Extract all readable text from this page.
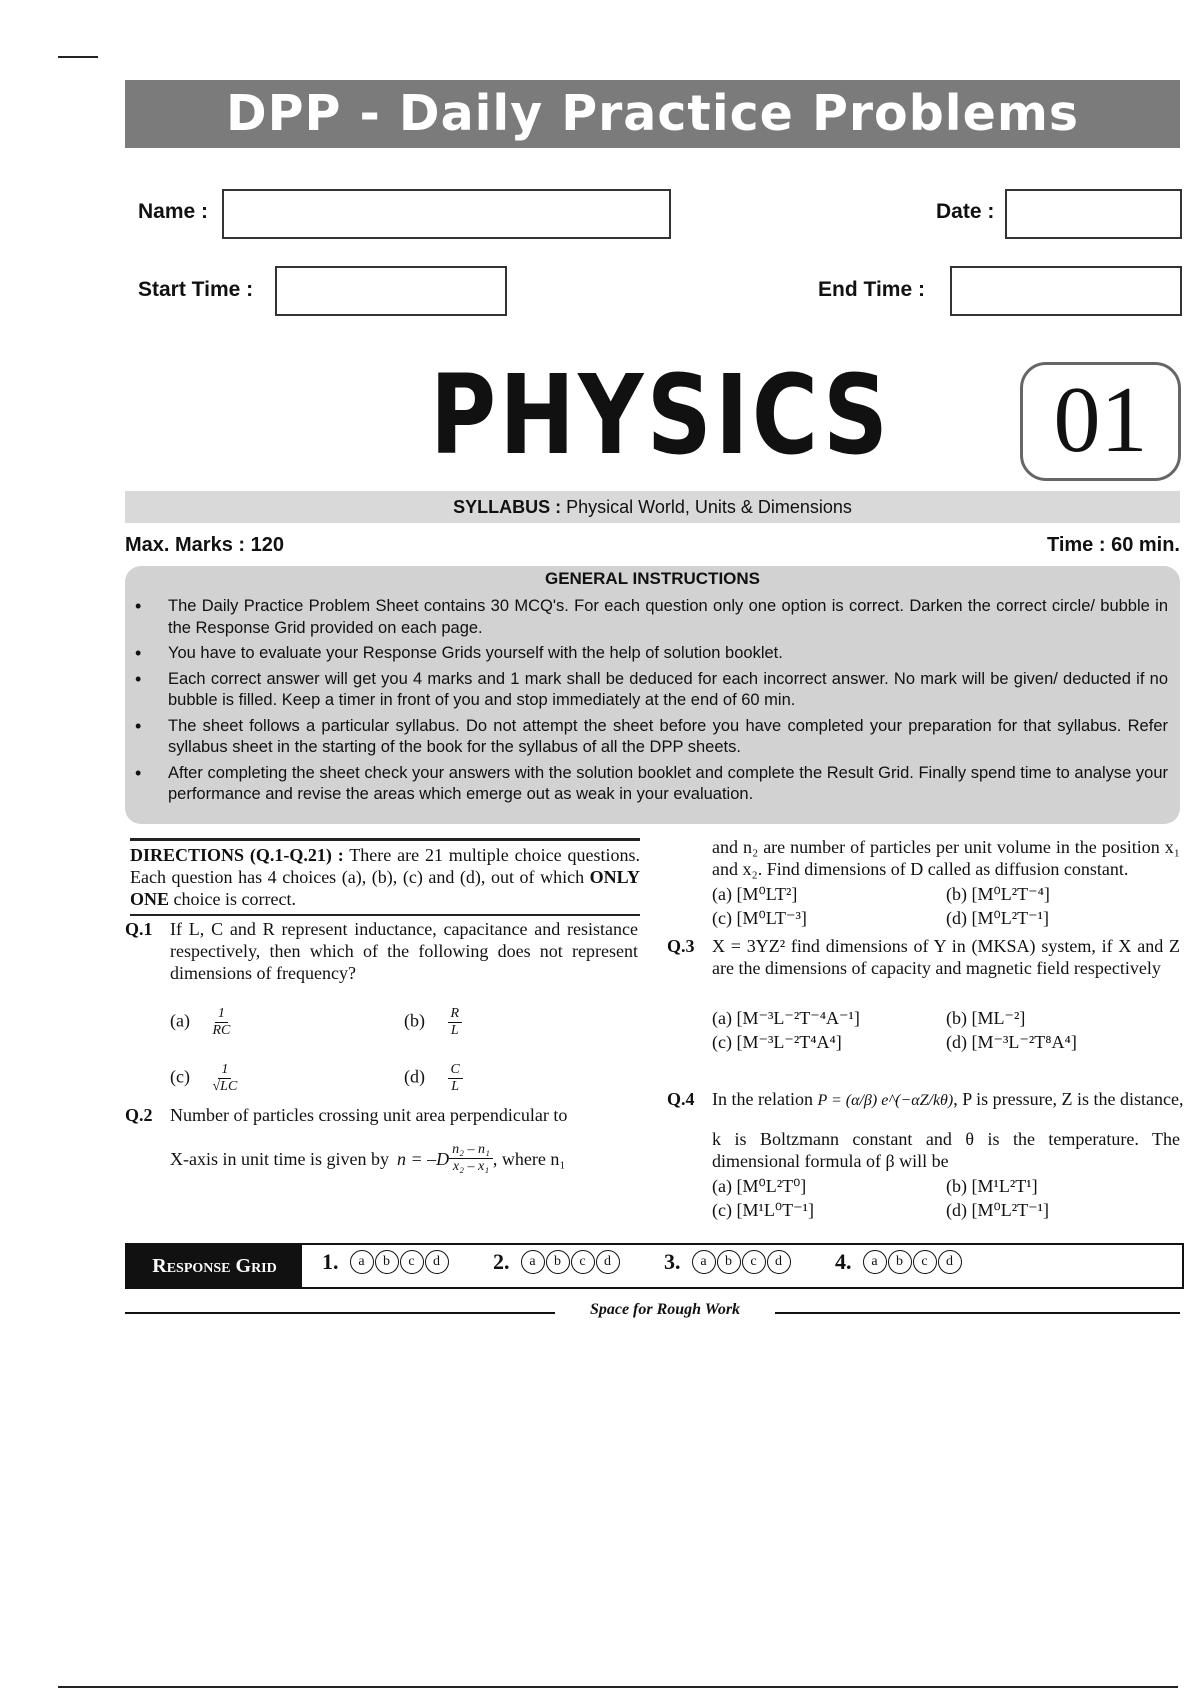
DPP - Daily Practice Problems
Name :	Date :
Start Time :	End Time :
PHYSICS	01
SYLLABUS : Physical World, Units & Dimensions
Max. Marks : 120	Time : 60 min.
GENERAL INSTRUCTIONS
• The Daily Practice Problem Sheet contains 30 MCQ's. For each question only one option is correct. Darken the correct circle/ bubble in the Response Grid provided on each page.
• You have to evaluate your Response Grids yourself with the help of solution booklet.
• Each correct answer will get you 4 marks and 1 mark shall be deduced for each incorrect answer. No mark will be given/ deducted if no bubble is filled. Keep a timer in front of you and stop immediately at the end of 60 min.
• The sheet follows a particular syllabus. Do not attempt the sheet before you have completed your preparation for that syllabus. Refer syllabus sheet in the starting of the book for the syllabus of all the DPP sheets.
• After completing the sheet check your answers with the solution booklet and complete the Result Grid. Finally spend time to analyse your performance and revise the areas which emerge out as weak in your evaluation.
DIRECTIONS (Q.1-Q.21) : There are 21 multiple choice questions. Each question has 4 choices (a), (b), (c) and (d), out of which ONLY ONE choice is correct.
Q.1 If L, C and R represent inductance, capacitance and resistance respectively, then which of the following does not represent dimensions of frequency?
$(a) \frac{1}{RC}$	$(b) \frac{R}{L}$
$(c) \frac{1}{√LC}$	$(d) \frac{C}{L}$
Q.2 Number of particles crossing unit area perpendicular to
X-axis in unit time is given by $n = -D \frac{\text{n₂ – n₁}}{\text{x₂ – x₁}}$ , where n₁
and n₂ are number of particles per unit volume in the position x₁ and x₂. Find dimensions of D called as diffusion constant.
(a) [M⁰LT²]	(b) [M⁰L²T⁻⁴]
(c) [M⁰LT⁻³]	(d) [M⁰L²T⁻¹]
Q.3 X = 3YZ² find dimensions of Y in (MKSA) system, if X and Z are the dimensions of capacity and magnetic field respectively
(a) [M⁻³L⁻²T⁻⁴A⁻¹]	(b) [ML⁻²]
(c) [M⁻³L⁻²T⁴A⁴]	(d) [M⁻³L⁻²T⁸A⁴]
Q.4 In the relation P = (α/β) e^(−αZ/kθ), P is pressure, Z is the distance,
k is Boltzmann constant and θ is the temperature. The dimensional formula of β will be
(a) [M⁰L²T⁰]	(b) [M¹L²T¹]
(c) [M¹L⁰T⁻¹]	(d) [M⁰L²T⁻¹]
Response Grid	1.	a	b	c	d	2.	a	b	c	d	3.	a	b	c	d	4.	a	b	c	d
Space for Rough Work
